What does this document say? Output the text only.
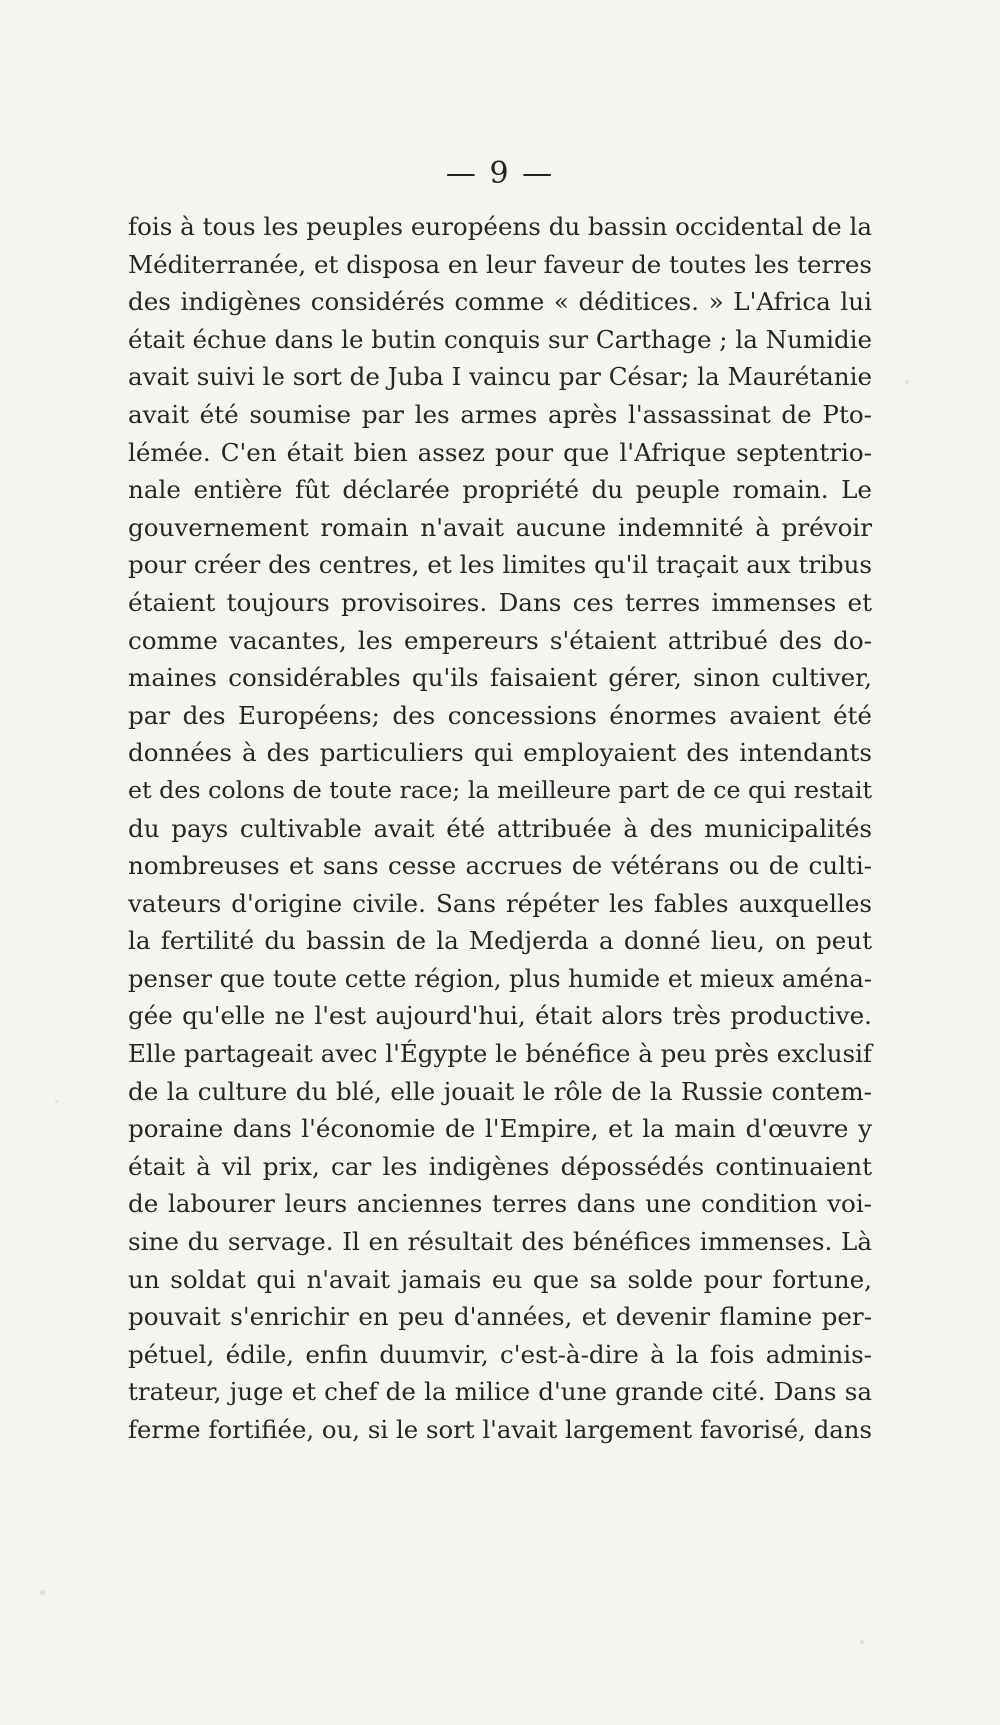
— 9 —
fois à tous les peuples européens du bassin occidental de la
Méditerranée, et disposa en leur faveur de toutes les terres
des indigènes considérés comme « déditices. » L'Africa lui
était échue dans le butin conquis sur Carthage ; la Numidie
avait suivi le sort de Juba I vaincu par César; la Maurétanie
avait été soumise par les armes après l'assassinat de Pto-
lémée. C'en était bien assez pour que l'Afrique septentrio-
nale entière fût déclarée propriété du peuple romain. Le
gouvernement romain n'avait aucune indemnité à prévoir
pour créer des centres, et les limites qu'il traçait aux tribus
étaient toujours provisoires. Dans ces terres immenses et
comme vacantes, les empereurs s'étaient attribué des do-
maines considérables qu'ils faisaient gérer, sinon cultiver,
par des Européens; des concessions énormes avaient été
données à des particuliers qui employaient des intendants
et des colons de toute race; la meilleure part de ce qui restait
du pays cultivable avait été attribuée à des municipalités
nombreuses et sans cesse accrues de vétérans ou de culti-
vateurs d'origine civile. Sans répéter les fables auxquelles
la fertilité du bassin de la Medjerda a donné lieu, on peut
penser que toute cette région, plus humide et mieux aména-
gée qu'elle ne l'est aujourd'hui, était alors très productive.
Elle partageait avec l'Égypte le bénéfice à peu près exclusif
de la culture du blé, elle jouait le rôle de la Russie contem-
poraine dans l'économie de l'Empire, et la main d'œuvre y
était à vil prix, car les indigènes dépossédés continuaient
de labourer leurs anciennes terres dans une condition voi-
sine du servage. Il en résultait des bénéfices immenses. Là
un soldat qui n'avait jamais eu que sa solde pour fortune,
pouvait s'enrichir en peu d'années, et devenir flamine per-
pétuel, édile, enfin duumvir, c'est-à-dire à la fois adminis-
trateur, juge et chef de la milice d'une grande cité. Dans sa
ferme fortifiée, ou, si le sort l'avait largement favorisé, dans
